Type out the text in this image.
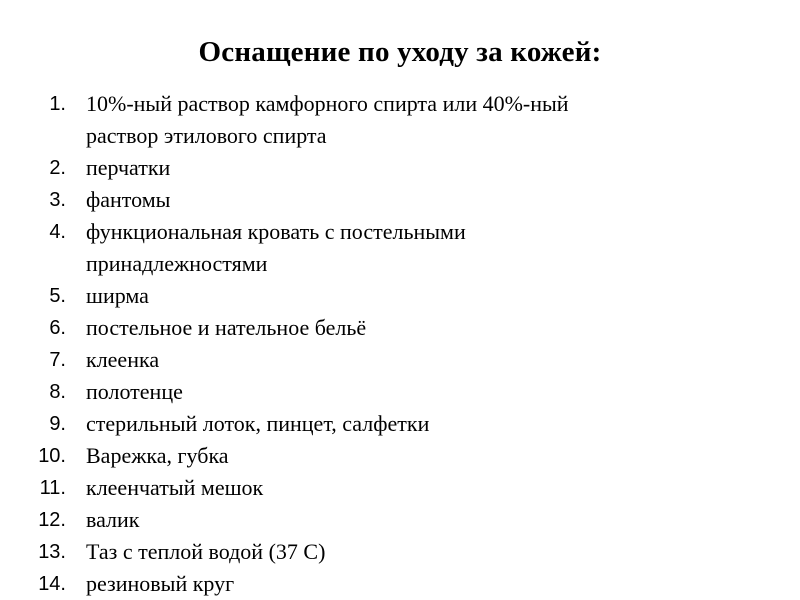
Оснащение по уходу за кожей:
1. 10%-ный раствор камфорного спирта или 40%-ный
раствор этилового спирта
2. перчатки
3. фантомы
4. функциональная кровать с постельными
принадлежностями
5. ширма
6. постельное и нательное бельё
7. клеенка
8. полотенце
9. стерильный лоток, пинцет, салфетки
10. Варежка, губка
11. клеенчатый мешок
12. валик
13. Таз с теплой водой (37 С)
14. резиновый круг
